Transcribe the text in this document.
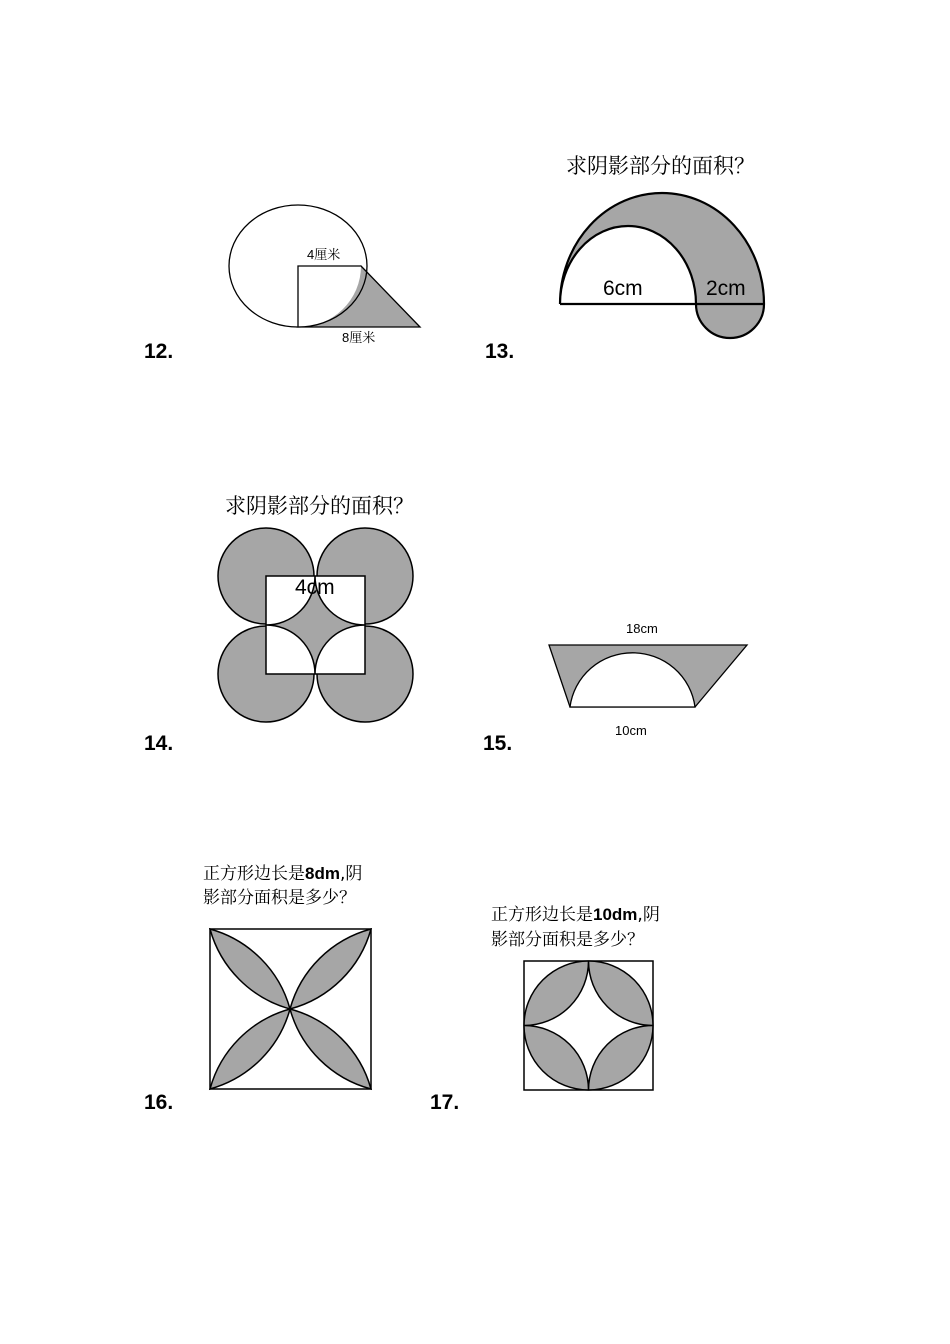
12.
4厘米
8厘米
13.
求阴影部分的面积？
6cm	2cm
14.
求阴影部分的面积？
4cm
15.
18cm
10cm
16.
正方形边长是8dm,阴
影部分面积是多少？
17.
正方形边长是10dm,阴
影部分面积是多少？
